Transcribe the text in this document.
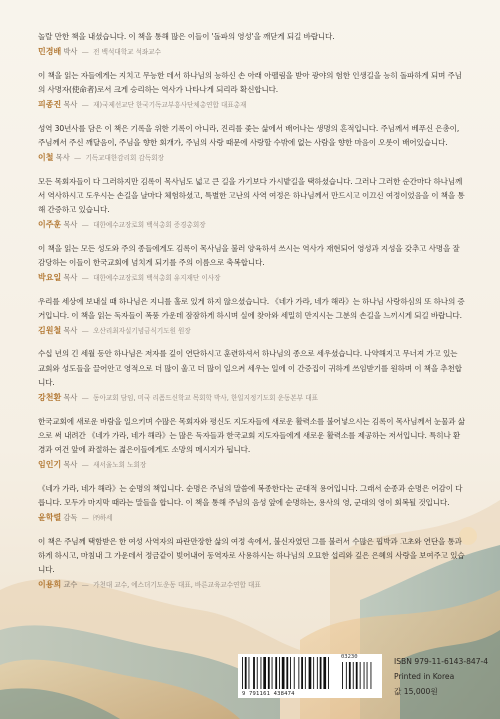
놀랄 만한 책을 내셨습니다. 이 책을 통해 많은 이들이 '돌파의 영성'을 깨닫게 되길 바랍니다.

민경배 박사 — 전 백석대학교 석좌교수

이 책을 읽는 자들에게는 지치고 무능한 데서 하나님의 능하신 손 아래 아펠림을 받아 광야의 험한 인생길을 능히 돌파하게 되며 주님의 사명자(使命者)로서 크게 승리하는 역사가 나타나게 되리라 확신합니다.

피종진 목사 — 재)국제선교단 한국기독교부흥사단체총연합 대표총재

성역 30년사를 담은 이 책은 기록을 위한 기록이 아니라, 진리를 좇는 삶에서 배어나는 생명의 흔적입니다. 주님께서 베푸신 은총이, 주님께서 주신 깨달음이, 주님을 향한 회개가, 주님의 사랑 때문에 사랑할 수밖에 없는 사람을 향한 마음이 오롯이 배어있습니다.

이철 목사 — 기독교대한감리회 감독회장

모든 목회자들이 다 그러하지만 김록이 목사님도 넓고 큰 길을 가기보다 가시밭길을 택하셨습니다. 그러나 그러한 순간마다 하나님께서 역사하시고 도우시는 손길을 날마다 체험하셨고, 특별한 고난의 사역 여정은 하나님께서 만드시고 이끄신 여정이었음을 이 책을 통해 간증하고 있습니다.

이주훈 목사 — 대한예수교장로회 백석총회 증경총회장

이 책을 읽는 모든 성도와 주의 종들에게도 김록이 목사님을 불러 양육하셔 쓰시는 역사가 재현되어 영성과 지성을 갖추고 사명을 잘 감당하는 이들이 한국교회에 넘치게 되기를 주의 이름으로 축복합니다.

박요일 목사 — 대한예수교장로회 백석총회 유지재단 이사장

우리를 세상에 보내실 때 하나님은 지니를 홀로 있게 하지 않으셨습니다. 《네가 가라, 네가 해라》는 하나님 사랑하심의 또 하나의 증거입니다. 이 책을 읽는 독자들이 폭풍 가운데 잠잠하게 하시며 실에 찾아와 세밀히 만지시는 그분의 손길을 느끼시게 되길 바랍니다.

김원철 목사 — 오산리최자실기념금식기도원 원장

수십 년의 긴 세월 동안 하나님은 저자를 깊이 연단하시고 훈련하셔서 하나님의 종으로 세우셨습니다. 나약해지고 무너져 가고 있는 교회와 성도들을 끌어안고 영적으로 더 많이 울고 더 많이 일으켜 세우는 일에 이 간증집이 귀하게 쓰임받기를 원하며 이 책을 추천합니다.

강천환 목사 — 동아교회 담임, 미국 리폼드신학교 목회학 박사, 한일지정기도회 운동본부 대표

한국교회에 새로운 바람을 일으키며 수많은 목회자와 평신도 지도자들에 새로운 활력소를 불어넣으시는 김록이 목사님께서 눈물과 삶으로 써 내려간 《네가 가라, 네가 해라》는 많은 독자들과 한국교회 지도자들에게 새로운 활력소를 제공하는 저서입니다. 특히나 환경과 여건 앞에 좌절하는 젊은이들에게도 소망의 메시지가 됩니다.

임인기 목사 — 새서울노회 노회장

《네가 가라, 네가 해라》는 순명의 책입니다. 순명은 주님의 말씀에 복종한다는 군대적 용어입니다. 그래서 순종과 순명은 어감이 다릅니다. 모두가 마지막 때라는 말들을 합니다. 이 책을 통해 주님의 음성 앞에 순명하는, 용사의 영, 군대의 영이 회복될 것입니다.

윤학렬 감독 — ㈜하세

이 책은 주님께 택함받은 한 여성 사역자의 파란만장한 삶의 여정 속에서, 불신자였던 그를 불러서 수많은 핍박과 고초와 연단을 통과하게 하시고, 마침내 그 가운데서 정금같이 빚어내어 동역자로 사용하시는 하나님의 오묘한 섭리와 깊은 은혜의 사랑을 보여주고 있습니다.

이용희 교수 — 가천대 교수, 에스더기도운동 대표, 바른교육교수연합 대표
03230
9 791161 438474
ISBN 979-11-6143-847-4
Printed in Korea
값 15,000원
